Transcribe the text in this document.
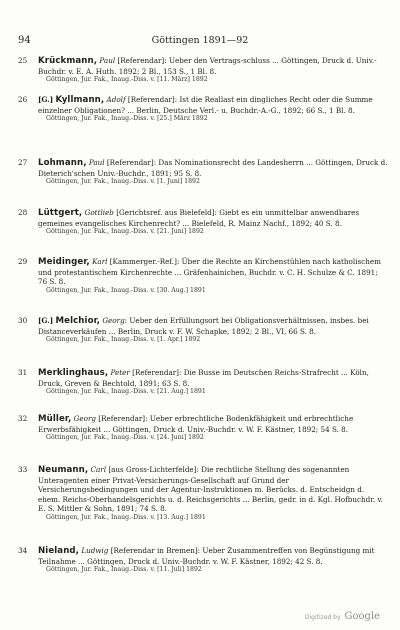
94	Göttingen 1891—92
25	Krückmann, Paul [Referendar]: Ueber den Vertrags-schluss ... Göttingen, Druck d. Univ.-Buchdr. v. E. A. Huth. 1892; 2 Bl., 153 S., 1 Bl. 8.
Göttingen, Jur. Fak., Inaug.-Diss. v. [11. März] 1892
26	[G.] Kyllmann, Adolf [Referendar]: Ist die Reallast ein dingliches Recht oder die Summe einzelner Obligationen? ... Berlin, Deutsche Verl.- u. Buchdr.-A.-G., 1892; 66 S., 1 Bl. 8.
Göttingen, Jur. Fak., Inaug.-Diss. v. [25.] März 1892
27	Lohmann, Paul [Referendar]: Das Nominationsrecht des Landesherrn ... Göttingen, Druck d. Dieterich'schen Univ.-Buchdr., 1891; 95 S. 8.
Göttingen, Jur. Fak., Inaug.-Diss. v. [1. Juni] 1892
28	Lüttgert, Gottlieb [Gerichtsref. aus Bielefeld]: Giebt es ein unmittelbar anwendbares gemeines evangelisches Kirchenrecht? ... Bielefeld, R. Mainz Nachf., 1892; 40 S. 8.
Göttingen, Jur. Fak., Inaug.-Diss. v. [21. Juni] 1892
29	Meidinger, Karl [Kammerger.-Ref.]: Über die Rechte an Kirchenstühlen nach katholischem und protestantischem Kirchenrechte ... Gräfenhainichen, Buchdr. v. C. H. Schulze & C. 1891; 76 S. 8.
Göttingen, Jur. Fak., Inaug.-Diss. v. [30. Aug.] 1891
30	[G.] Melchior, Georg: Ueber den Erfüllungsort bei Obligationsverhältnissen, insbes. bei Distanceverkäufen ... Berlin, Druck v. F. W. Schapke, 1892; 2 Bl., VI, 66 S. 8.
Göttingen, Jur. Fak., Inaug.-Diss. v. [1. Apr.] 1892
31	Merklinghaus, Peter [Referendar]: Die Busse im Deutschen Reichs-Strafrecht ... Köln, Druck, Greven & Bechtold, 1891; 63 S. 8.
Göttingen, Jur. Fak., Inaug.-Diss. v. [21. Aug.] 1891
32	Müller, Georg [Referendar]: Ueber erbrechtliche Bodenkfähigkeit und erbrechtliche Erwerbsfähigkeit ... Göttingen, Druck d. Univ.-Buchdr. v. W. F. Kästner, 1892; 54 S. 8.
Göttingen, Jur. Fak., Inaug.-Diss. v. [24. Juni] 1892
33	Neumann, Carl [aus Gross-Lichterfelde]: Die rechtliche Stellung des sogenannten Unteragenten einer Privat-Versicherungs-Gesellschaft auf Grund der Versicherungsbedingungen und der Agentur-Instruktionen m. Berücks. d. Entscheidgn d. ehem. Reichs-Oberhandelsgerichts u. d. Reichsgerichts ... Berlin, gedr. in d. Kgl. Hofbuchdr. v. E. S. Mittler & Sohn, 1891; 74 S. 8.
Göttingen, Jur. Fak., Inaug.-Diss. v. [13. Aug.] 1891
34	Nieland, Ludwig [Referendar in Bremen]: Ueber Zusammentreffen von Begünstigung mit Teilnahme ... Göttingen, Druck d. Univ.-Buchdr. v. W. F. Kästner, 1892; 42 S. 8.
Göttingen, Jur. Fak., Inaug.-Diss. v. [11. Juli] 1892
Digitized by Google
